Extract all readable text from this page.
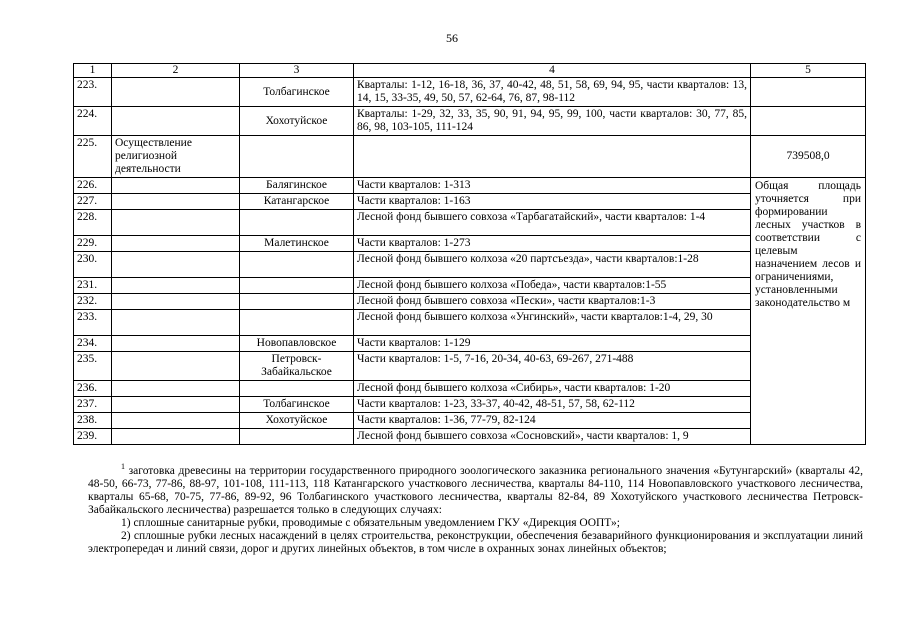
56
1	2	3	4	5
223.		Толбагинское	Кварталы: 1-12, 16-18, 36, 37, 40-42, 48, 51, 58, 69, 94, 95, части кварталов: 13, 14, 15, 33-35, 49, 50, 57, 62-64, 76, 87, 98-112	
224.		Хохотуйское	Кварталы: 1-29, 32, 33, 35, 90, 91, 94, 95, 99, 100, части кварталов: 30, 77, 85, 86, 98, 103-105, 111-124	
225.	Осуществление религиозной деятельности			739508,0
226.		Балягинское	Части кварталов: 1-313	Общая площадь уточняется при формировании лесных участков в соответствии с целевым назначением лесов и ограничениями, установленными законодательство м
227.		Катангарское	Части кварталов: 1-163	
228.			Лесной фонд бывшего совхоза «Тарбагатайский», части кварталов: 1-4	
229.		Малетинское	Части кварталов: 1-273	
230.			Лесной фонд бывшего колхоза «20 партсъезда», части кварталов:1-28	
231.			Лесной фонд бывшего колхоза «Победа», части кварталов:1-55	
232.			Лесной фонд бывшего совхоза «Пески», части кварталов:1-3	
233.			Лесной фонд бывшего колхоза «Унгинский», части кварталов:1-4, 29, 30	
234.		Новопавловское	Части кварталов: 1-129	
235.		Петровск-Забайкальское	Части кварталов: 1-5, 7-16, 20-34, 40-63, 69-267, 271-488	
236.			Лесной фонд бывшего колхоза «Сибирь», части кварталов: 1-20	
237.		Толбагинское	Части кварталов: 1-23, 33-37, 40-42, 48-51, 57, 58, 62-112	
238.		Хохотуйское	Части кварталов: 1-36, 77-79, 82-124	
239.			Лесной фонд бывшего совхоза «Сосновский», части кварталов: 1, 9	

$^1$ заготовка древесины на территории государственного природного зоологического заказника регионального значения «Бутунгарский» (кварталы 42, 48-50, 66-73, 77-86, 88-97, 101-108, 111-113, 118 Катангарского участкового лесничества, кварталы 84-110, 114 Новопавловского участкового лесничества, кварталы 65-68, 70-75, 77-86, 89-92, 96 Толбагинского участкового лесничества, кварталы 82-84, 89 Хохотуйского участкового лесничества Петровск-Забайкальского лесничества) разрешается только в следующих случаях:

1) сплошные санитарные рубки, проводимые с обязательным уведомлением ГКУ «Дирекция ООПТ»;

2) сплошные рубки лесных насаждений в целях строительства, реконструкции, обеспечения безаварийного функционирования и эксплуатации линий электропередач и линий связи, дорог и других линейных объектов, в том числе в охранных зонах линейных объектов;
